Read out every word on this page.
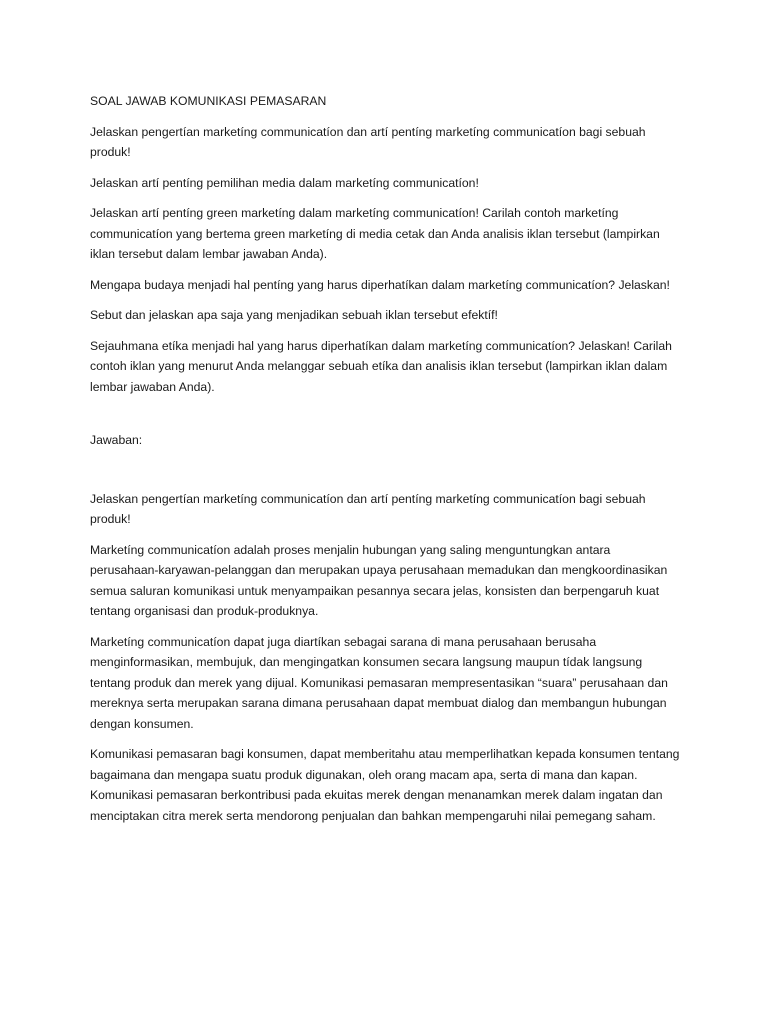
SOAL JAWAB KOMUNIKASI PEMASARAN

Jelaskan pengertían marketíng communicatíon dan artí pentíng marketíng communicatíon bagi sebuah produk!

Jelaskan artí pentíng pemilihan media dalam marketíng communicatíon!

Jelaskan artí pentíng green marketíng dalam marketíng communicatíon! Carilah contoh marketíng communicatíon yang bertema green marketíng di media cetak dan Anda analisis iklan tersebut (lampirkan iklan tersebut dalam lembar jawaban Anda).

Mengapa budaya menjadi hal pentíng yang harus diperhatíkan dalam marketíng communicatíon? Jelaskan!

Sebut dan jelaskan apa saja yang menjadikan sebuah iklan tersebut efektíf!

Sejauhmana etíka menjadi hal yang harus diperhatíkan dalam marketíng communicatíon? Jelaskan! Carilah contoh iklan yang menurut Anda melanggar sebuah etíka dan analisis iklan tersebut (lampirkan iklan dalam lembar jawaban Anda).

Jawaban:

Jelaskan pengertían marketíng communicatíon dan artí pentíng marketíng communicatíon bagi sebuah produk!

Marketíng communicatíon adalah proses menjalin hubungan yang saling menguntungkan antara perusahaan-karyawan-pelanggan dan merupakan upaya perusahaan memadukan dan mengkoordinasikan semua saluran komunikasi untuk menyampaikan pesannya secara jelas, konsisten dan berpengaruh kuat tentang organisasi dan produk-produknya.

Marketíng communicatíon dapat juga diartíkan sebagai sarana di mana perusahaan berusaha menginformasikan, membujuk, dan mengingatkan konsumen secara langsung maupun tídak langsung tentang produk dan merek yang dijual. Komunikasi pemasaran mempresentasikan “suara” perusahaan dan mereknya serta merupakan sarana dimana perusahaan dapat membuat dialog dan membangun hubungan dengan konsumen.

Komunikasi pemasaran bagi konsumen, dapat memberitahu atau memperlihatkan kepada konsumen tentang bagaimana dan mengapa suatu produk digunakan, oleh orang macam apa, serta di mana dan kapan. Komunikasi pemasaran berkontribusi pada ekuitas merek dengan menanamkan merek dalam ingatan dan menciptakan citra merek serta mendorong penjualan dan bahkan mempengaruhi nilai pemegang saham.
